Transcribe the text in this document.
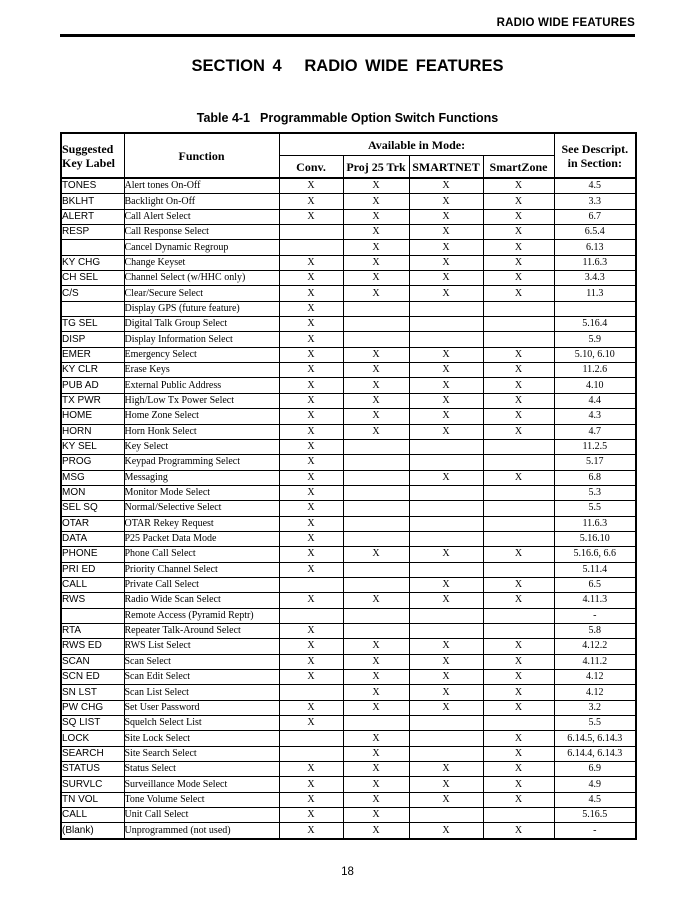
RADIO WIDE FEATURES
SECTION 4   RADIO WIDE FEATURES
Table 4-1 Programmable Option Switch Functions
Suggested
Key Label	Function	Available in Mode:				See Descript.
in Section:
		Conv.	Proj 25 Trk	SMARTNET	SmartZone	
TONES	Alert tones On-Off	X	X	X	X	4.5
BKLHT	Backlight On-Off	X	X	X	X	3.3
ALERT	Call Alert Select	X	X	X	X	6.7
RESP	Call Response Select		X	X	X	6.5.4
	Cancel Dynamic Regroup		X	X	X	6.13
KY CHG	Change Keyset	X	X	X	X	11.6.3
CH SEL	Channel Select (w/HHC only)	X	X	X	X	3.4.3
C/S	Clear/Secure Select	X	X	X	X	11.3
	Display GPS (future feature)	X				
TG SEL	Digital Talk Group Select	X				5.16.4
DISP	Display Information Select	X				5.9
EMER	Emergency Select	X	X	X	X	5.10, 6.10
KY CLR	Erase Keys	X	X	X	X	11.2.6
PUB AD	External Public Address	X	X	X	X	4.10
TX PWR	High/Low Tx Power Select	X	X	X	X	4.4
HOME	Home Zone Select	X	X	X	X	4.3
HORN	Horn Honk Select	X	X	X	X	4.7
KY SEL	Key Select	X				11.2.5
PROG	Keypad Programming Select	X				5.17
MSG	Messaging	X		X	X	6.8
MON	Monitor Mode Select	X				5.3
SEL SQ	Normal/Selective Select	X				5.5
OTAR	OTAR Rekey Request	X				11.6.3
DATA	P25 Packet Data Mode	X				5.16.10
PHONE	Phone Call Select	X	X	X	X	5.16.6, 6.6
PRI ED	Priority Channel Select	X				5.11.4
CALL	Private Call Select			X	X	6.5
RWS	Radio Wide Scan Select	X	X	X	X	4.11.3
	Remote Access (Pyramid Reptr)					-
RTA	Repeater Talk-Around Select	X				5.8
RWS ED	RWS List Select	X	X	X	X	4.12.2
SCAN	Scan Select	X	X	X	X	4.11.2
SCN ED	Scan Edit Select	X	X	X	X	4.12
SN LST	Scan List Select		X	X	X	4.12
PW CHG	Set User Password	X	X	X	X	3.2
SQ LIST	Squelch Select List	X				5.5
LOCK	Site Lock Select		X		X	6.14.5, 6.14.3
SEARCH	Site Search Select		X		X	6.14.4, 6.14.3
STATUS	Status Select	X	X	X	X	6.9
SURVLC	Surveillance Mode Select	X	X	X	X	4.9
TN VOL	Tone Volume Select	X	X	X	X	4.5
CALL	Unit Call Select	X	X			5.16.5
(Blank)	Unprogrammed (not used)	X	X	X	X	-
18
